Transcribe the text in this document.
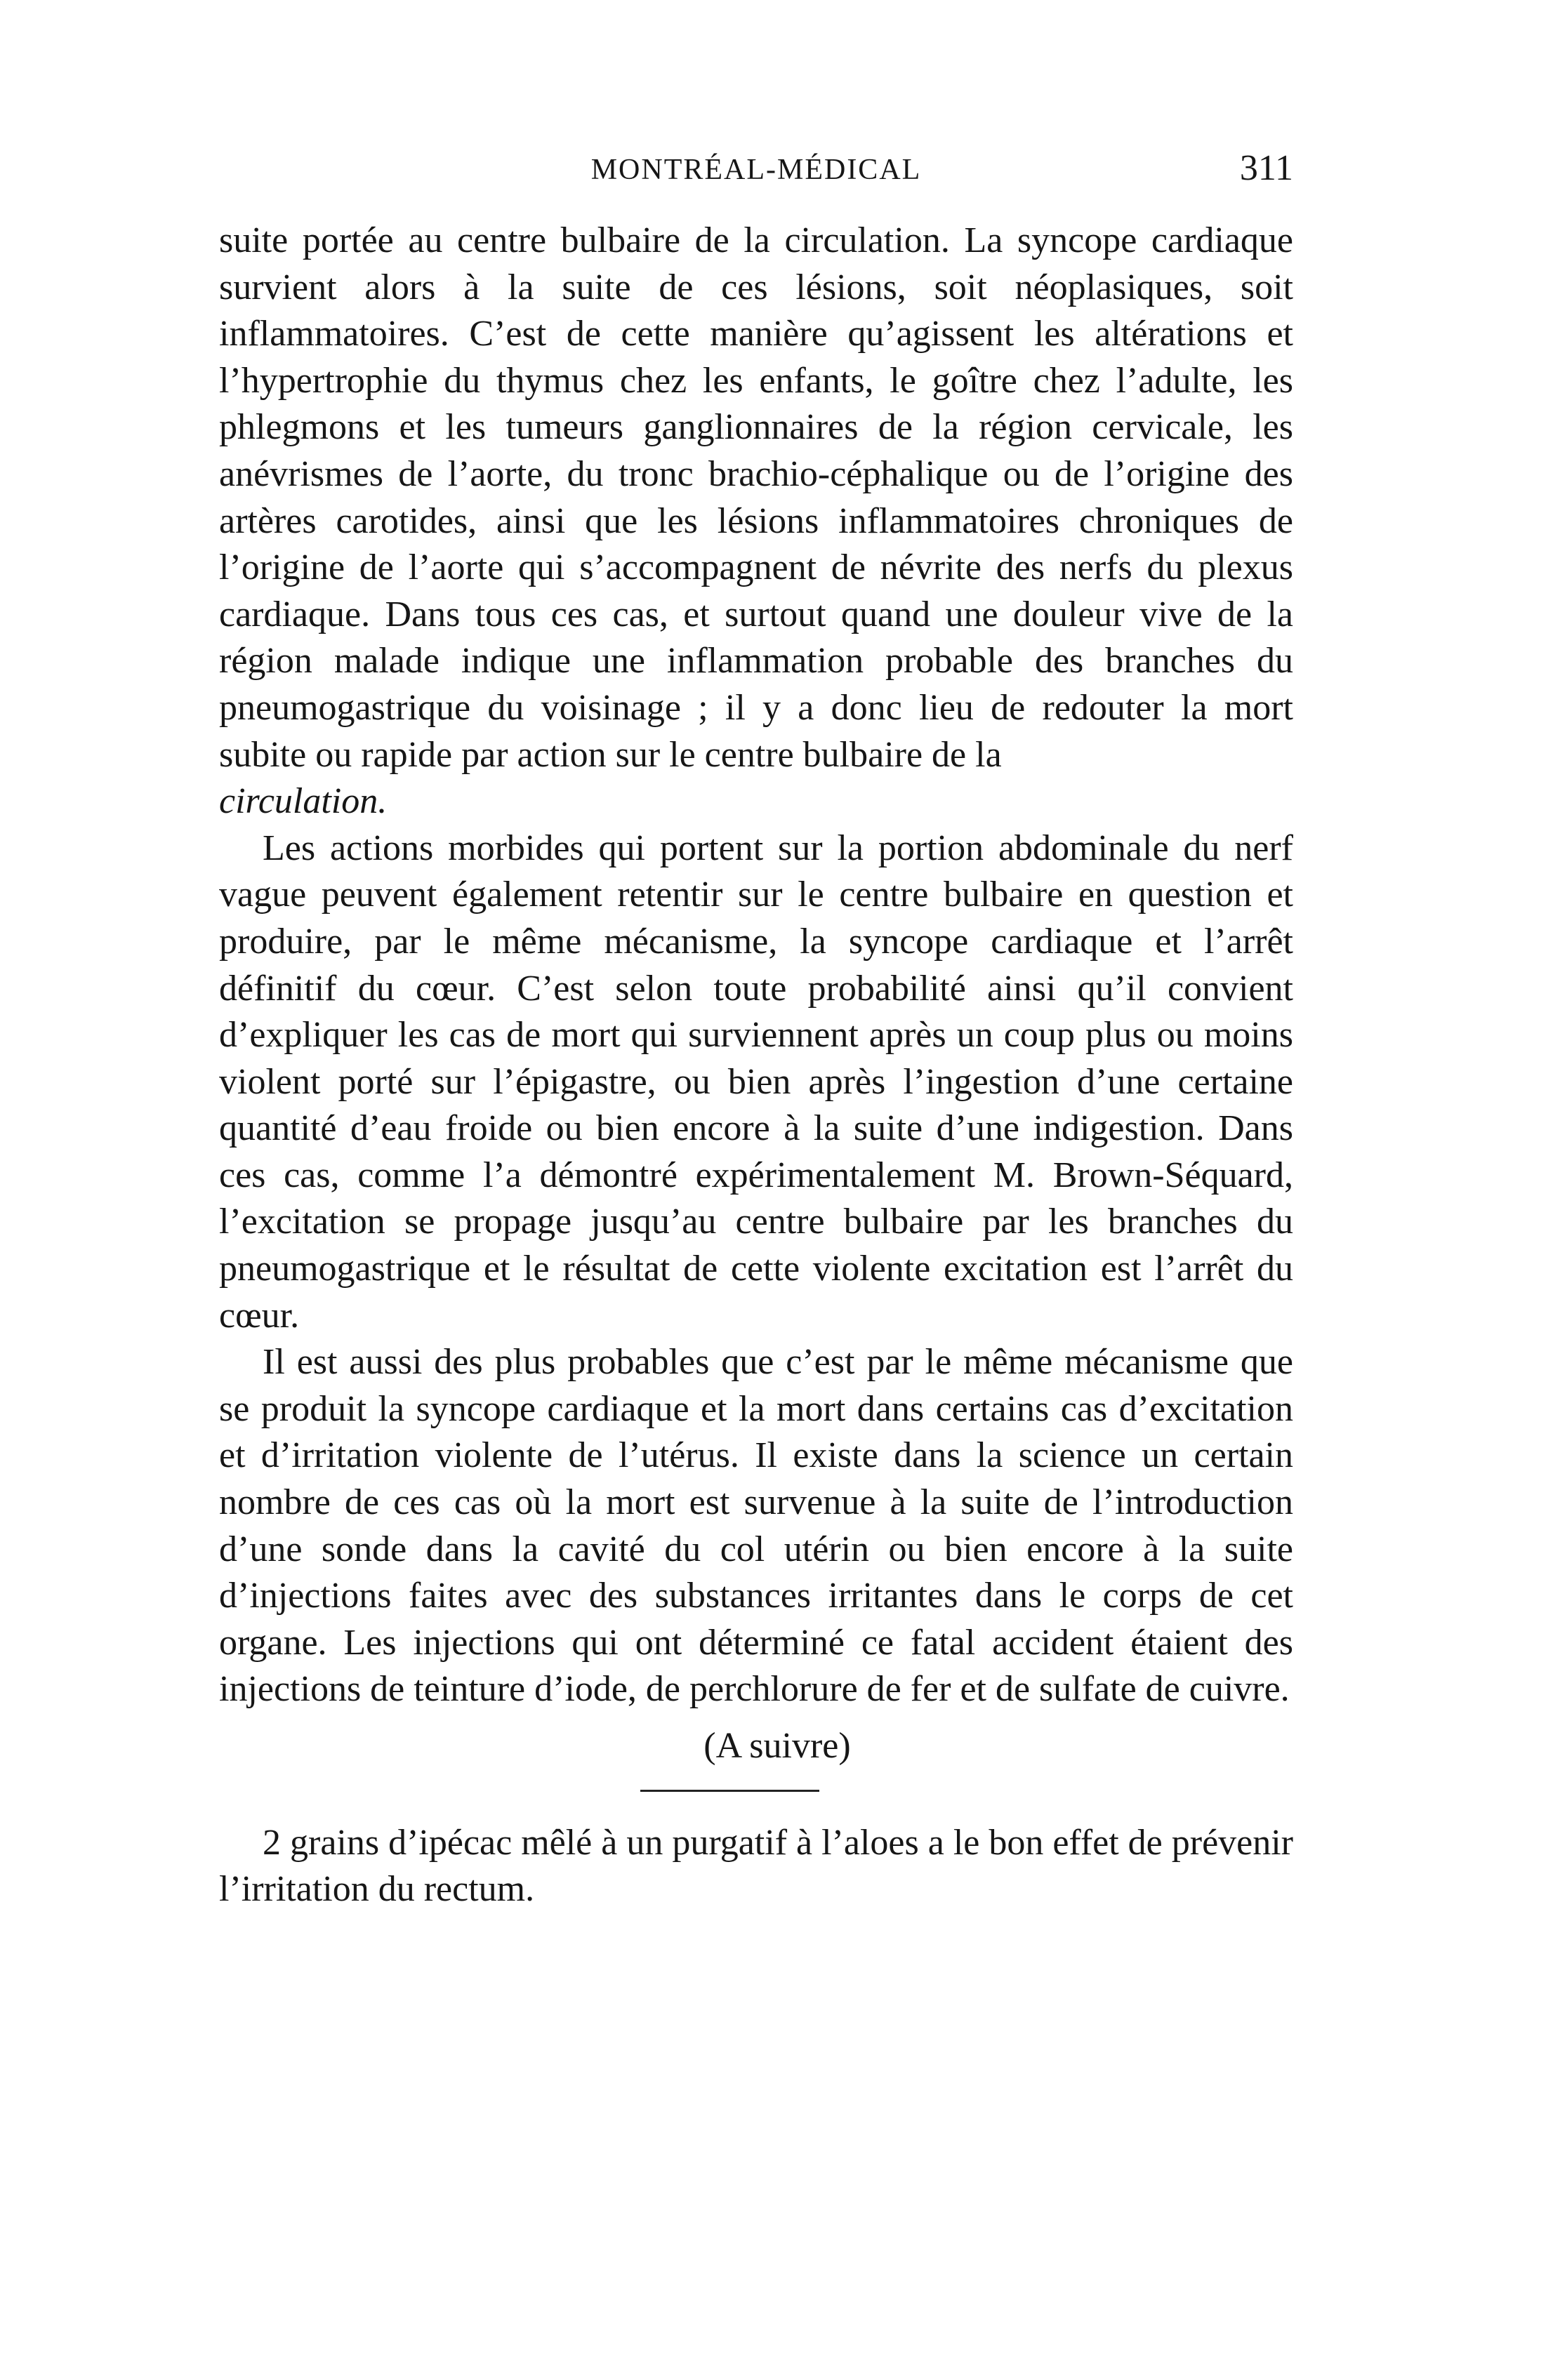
MONTRÉAL-MÉDICAL	311

suite portée au centre bulbaire de la circulation. La syncope cardiaque survient alors à la suite de ces lésions, soit néoplasiques, soit inflammatoires. C’est de cette manière qu’agissent les altérations et l’hypertrophie du thymus chez les enfants, le goître chez l’adulte, les phlegmons et les tumeurs ganglionnaires de la région cervicale, les anévrismes de l’aorte, du tronc brachio-céphalique ou de l’origine des artères carotides, ainsi que les lésions inflammatoires chroniques de l’origine de l’aorte qui s’accompagnent de névrite des nerfs du plexus cardiaque. Dans tous ces cas, et surtout quand une douleur vive de la région malade indique une inflammation probable des branches du pneumogastrique du voisinage ; il y a donc lieu de redouter la mort subite ou rapide par action sur le centre bulbaire de la
circulation.

Les actions morbides qui portent sur la portion abdominale du nerf vague peuvent également retentir sur le centre bulbaire en question et produire, par le même mécanisme, la syncope cardiaque et l’arrêt définitif du cœur. C’est selon toute probabilité ainsi qu’il convient d’expliquer les cas de mort qui surviennent après un coup plus ou moins violent porté sur l’épigastre, ou bien après l’ingestion d’une certaine quantité d’eau froide ou bien encore à la suite d’une indigestion. Dans ces cas, comme l’a démontré expérimentalement M. Brown-Séquard, l’excitation se propage jusqu’au centre bulbaire par les branches du pneumogastrique et le résultat de cette violente excitation est l’arrêt du cœur.

Il est aussi des plus probables que c’est par le même mécanisme que se produit la syncope cardiaque et la mort dans certains cas d’excitation et d’irritation violente de l’utérus. Il existe dans la science un certain nombre de ces cas où la mort est survenue à la suite de l’introduction d’une sonde dans la cavité du col utérin ou bien encore à la suite d’injections faites avec des substances irritantes dans le corps de cet organe. Les injections qui ont déterminé ce fatal accident étaient des injections de teinture d’iode, de perchlorure de fer et de sulfate de cuivre.

(A suivre)

2 grains d’ipécac mêlé à un purgatif à l’aloes a le bon effet de prévenir l’irritation du rectum.
